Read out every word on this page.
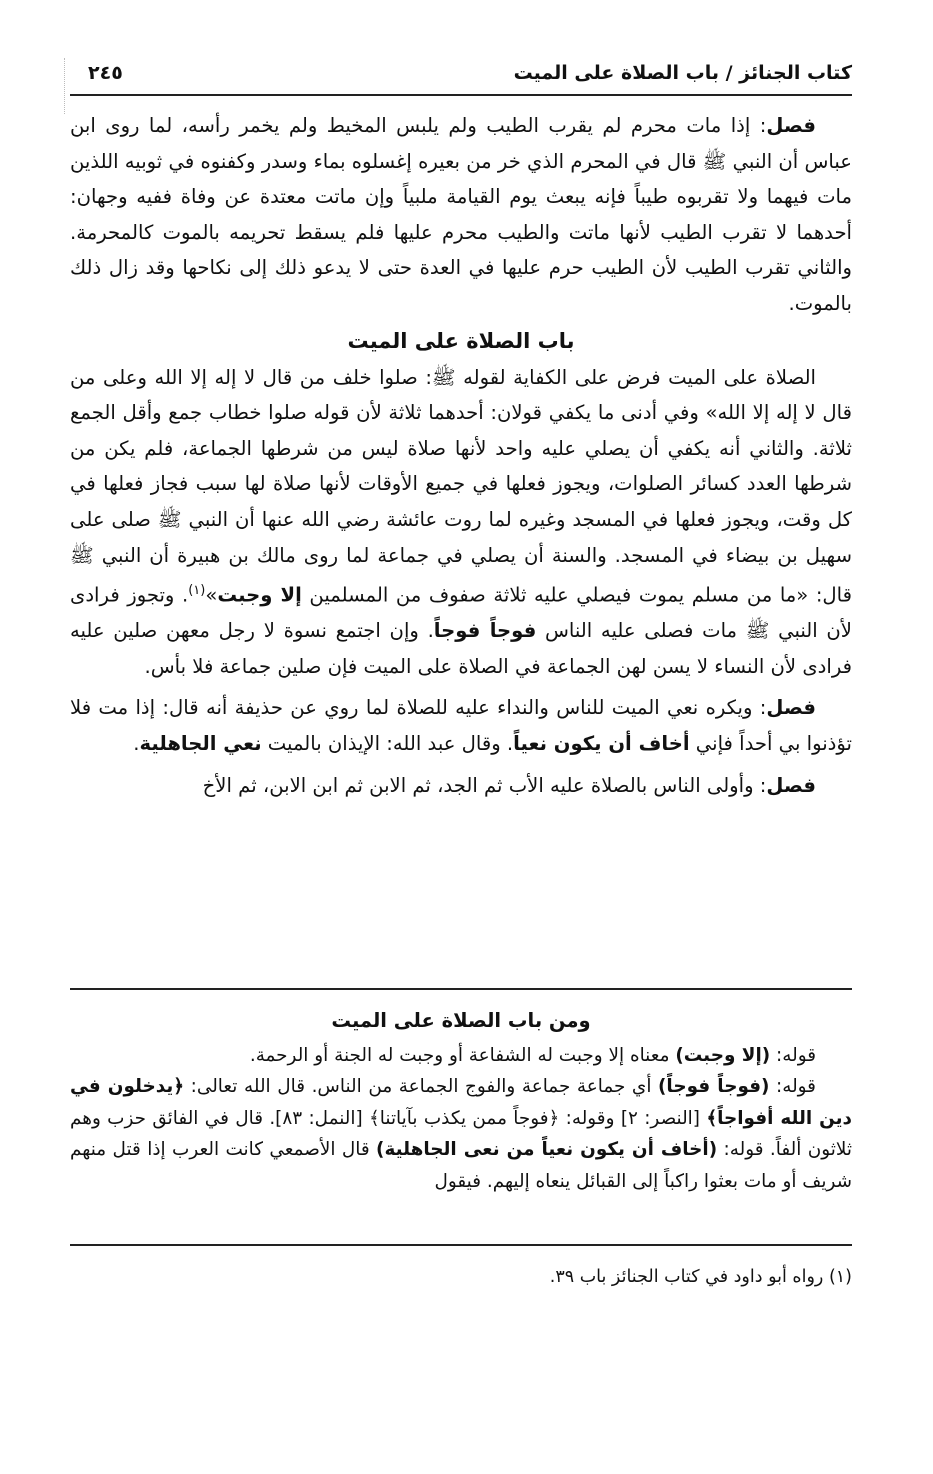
كتاب الجنائز / باب الصلاة على الميت
٢٤٥

فصل: إذا مات محرم لم يقرب الطيب ولم يلبس المخيط ولم يخمر رأسه، لما روى ابن عباس أن النبي ﷺ قال في المحرم الذي خر من بعيره إغسلوه بماء وسدر وكفنوه في ثوبيه اللذين مات فيهما ولا تقربوه طيباً فإنه يبعث يوم القيامة ملبياً وإن ماتت معتدة عن وفاة ففيه وجهان: أحدهما لا تقرب الطيب لأنها ماتت والطيب محرم عليها فلم يسقط تحريمه بالموت كالمحرمة. والثاني تقرب الطيب لأن الطيب حرم عليها في العدة حتى لا يدعو ذلك إلى نكاحها وقد زال ذلك بالموت.

باب الصلاة على الميت

الصلاة على الميت فرض على الكفاية لقوله ﷺ: صلوا خلف من قال لا إله إلا الله وعلى من قال لا إله إلا الله» وفي أدنى ما يكفي قولان: أحدهما ثلاثة لأن قوله صلوا خطاب جمع وأقل الجمع ثلاثة. والثاني أنه يكفي أن يصلي عليه واحد لأنها صلاة ليس من شرطها الجماعة، فلم يكن من شرطها العدد كسائر الصلوات، ويجوز فعلها في جميع الأوقات لأنها صلاة لها سبب فجاز فعلها في كل وقت، ويجوز فعلها في المسجد وغيره لما روت عائشة رضي الله عنها أن النبي ﷺ صلى على سهيل بن بيضاء في المسجد. والسنة أن يصلي في جماعة لما روى مالك بن هبيرة أن النبي ﷺ قال: «ما من مسلم يموت فيصلي عليه ثلاثة صفوف من المسلمين إلا وجبت»$^{(١)}$. وتجوز فرادى لأن النبي ﷺ مات فصلى عليه الناس فوجاً فوجاً. وإن اجتمع نسوة لا رجل معهن صلين عليه فرادى لأن النساء لا يسن لهن الجماعة في الصلاة على الميت فإن صلين جماعة فلا بأس.

فصل: ويكره نعي الميت للناس والنداء عليه للصلاة لما روي عن حذيفة أنه قال: إذا مت فلا تؤذنوا بي أحداً فإني أخاف أن يكون نعياً. وقال عبد الله: الإيذان بالميت نعي الجاهلية.

فصل: وأولى الناس بالصلاة عليه الأب ثم الجد، ثم الابن ثم ابن الابن، ثم الأخ

ومن باب الصلاة على الميت

قوله: (إلا وجبت) معناه إلا وجبت له الشفاعة أو وجبت له الجنة أو الرحمة.

قوله: (فوجاً فوجاً) أي جماعة جماعة والفوج الجماعة من الناس. قال الله تعالى: ﴿يدخلون في دين الله أفواجاً﴾ [النصر: ٢] وقوله: ﴿فوجاً ممن يكذب بآياتنا﴾ [النمل: ٨٣]. قال في الفائق حزب وهم ثلاثون ألفاً. قوله: (أخاف أن يكون نعياً من نعى الجاهلية) قال الأصمعي كانت العرب إذا قتل منهم شريف أو مات بعثوا راكباً إلى القبائل ينعاه إليهم. فيقول

(١) رواه أبو داود في كتاب الجنائز باب ٣٩.
